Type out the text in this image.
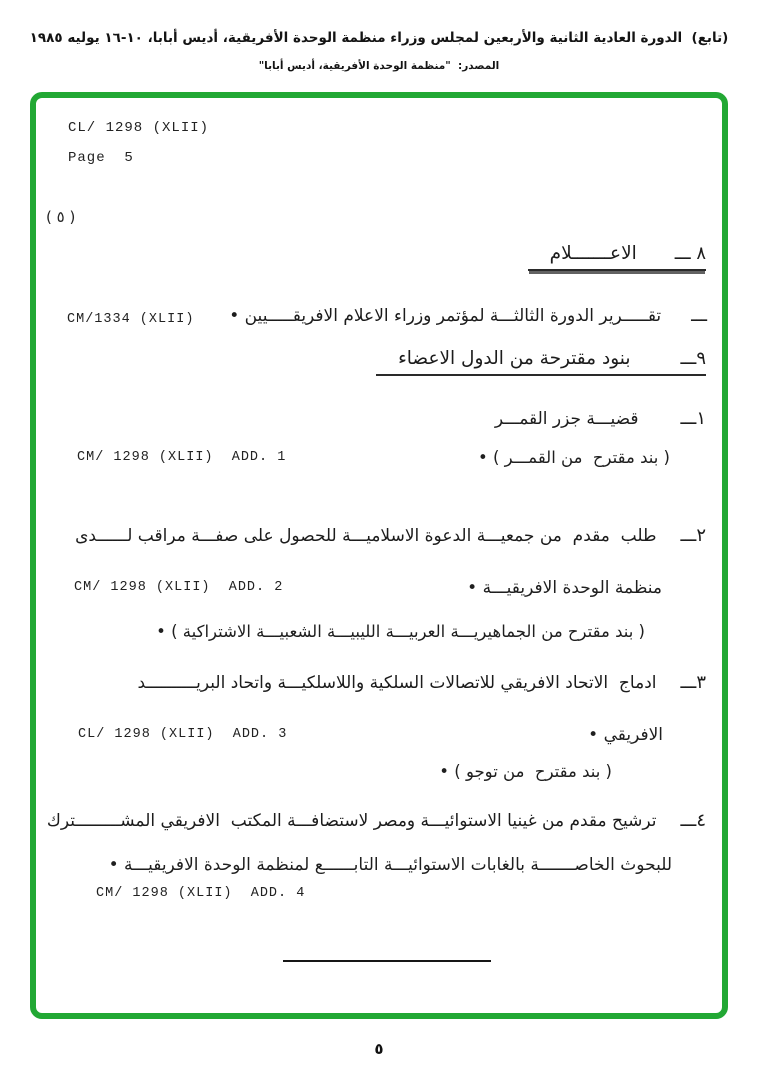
(تابع)  الدورة العادية الثانية والأربعين لمجلس وزراء منظمة الوحدة الأفريقية، أديس أبابا، ١٠-١٦ يوليه ١٩٨٥
المصدر:  "منظمة الوحدة الأفريقية، أديس أبابا"
CL/ 1298 (XLII)
Page  5
( ٥ )
٨ ـــ
الاعـــــــلام
ـــ
تقـــــرير الدورة الثالثـــة لمؤتمر وزراء الاعلام الافريقـــــيين •
CM/1334 (XLII)
٩ـــ
بنود مقترحة من الدول الاعضاء
١ـــ
قضيـــة جزر القمـــر
( بند مقترح  من القمـــر ) •
CM/ 1298 (XLII)  ADD. 1
٢ـــ
طلب  مقدم  من جمعيـــة الدعوة الاسلاميـــة للحصول على صفـــة مراقب لــــــدى
منظمة الوحدة الافريقيـــة •
CM/ 1298 (XLII)  ADD. 2
( بند مقترح من الجماهيريـــة العربيـــة الليبيـــة الشعبيـــة الاشتراكية ) •
٣ـــ
ادماج  الاتحاد الافريقي للاتصالات السلكية واللاسلكيـــة واتحاد البريــــــــــد
الافريقي •
CL/ 1298 (XLII)  ADD. 3
( بند مقترح  من توجو ) •
٤ـــ
ترشيح مقدم من غينيا الاستوائيـــة ومصر لاستضافـــة المكتب  الافريقي المشـــــــــترك
للبحوث الخاصـــــــة بالغابات الاستوائيـــة التابــــــع لمنظمة الوحدة الافريقيـــة •
CM/ 1298 (XLII)  ADD. 4
٥
